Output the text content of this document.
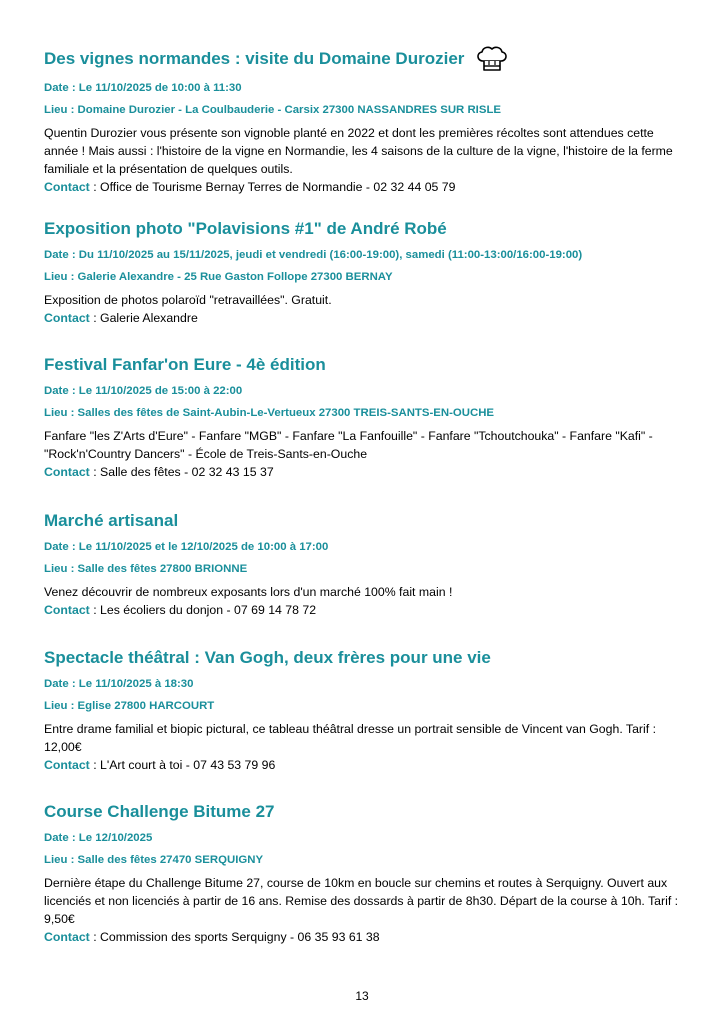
Des vignes normandes : visite du Domaine Durozier
Date : Le 11/10/2025 de 10:00 à 11:30
Lieu : Domaine Durozier - La Coulbauderie - Carsix 27300 NASSANDRES SUR RISLE

Quentin Durozier vous présente son vignoble planté en 2022 et dont les premières récoltes sont attendues cette année ! Mais aussi : l'histoire de la vigne en Normandie, les 4 saisons de la culture de la vigne, l'histoire de la ferme familiale et la présentation de quelques outils.

Contact : Office de Tourisme Bernay Terres de Normandie - 02 32 44 05 79

Exposition photo "Polavisions #1" de André Robé
Date : Du 11/10/2025 au 15/11/2025, jeudi et vendredi (16:00-19:00), samedi (11:00-13:00/16:00-19:00)
Lieu : Galerie Alexandre - 25 Rue Gaston Follope 27300 BERNAY

Exposition de photos polaroïd "retravaillées". Gratuit.

Contact : Galerie Alexandre

Festival Fanfar'on Eure - 4è édition
Date : Le 11/10/2025 de 15:00 à 22:00
Lieu : Salles des fêtes de Saint-Aubin-Le-Vertueux 27300 TREIS-SANTS-EN-OUCHE

Fanfare "les Z'Arts d'Eure" - Fanfare "MGB" - Fanfare "La Fanfouille" - Fanfare "Tchoutchouka" - Fanfare "Kafi" - "Rock'n'Country Dancers" - École de Treis-Sants-en-Ouche

Contact : Salle des fêtes - 02 32 43 15 37

Marché artisanal
Date : Le 11/10/2025 et le 12/10/2025 de 10:00 à 17:00
Lieu : Salle des fêtes 27800 BRIONNE

Venez découvrir de nombreux exposants lors d'un marché 100% fait main !

Contact : Les écoliers du donjon - 07 69 14 78 72

Spectacle théâtral : Van Gogh, deux frères pour une vie
Date : Le 11/10/2025 à 18:30
Lieu : Eglise 27800 HARCOURT

Entre drame familial et biopic pictural, ce tableau théâtral dresse un portrait sensible de Vincent van Gogh. Tarif : 12,00€

Contact : L'Art court à toi - 07 43 53 79 96

Course Challenge Bitume 27
Date : Le 12/10/2025
Lieu : Salle des fêtes 27470 SERQUIGNY

Dernière étape du Challenge Bitume 27, course de 10km en boucle sur chemins et routes à Serquigny. Ouvert aux licenciés et non licenciés à partir de 16 ans. Remise des dossards à partir de 8h30. Départ de la course à 10h. Tarif : 9,50€

Contact : Commission des sports Serquigny - 06 35 93 61 38

13
